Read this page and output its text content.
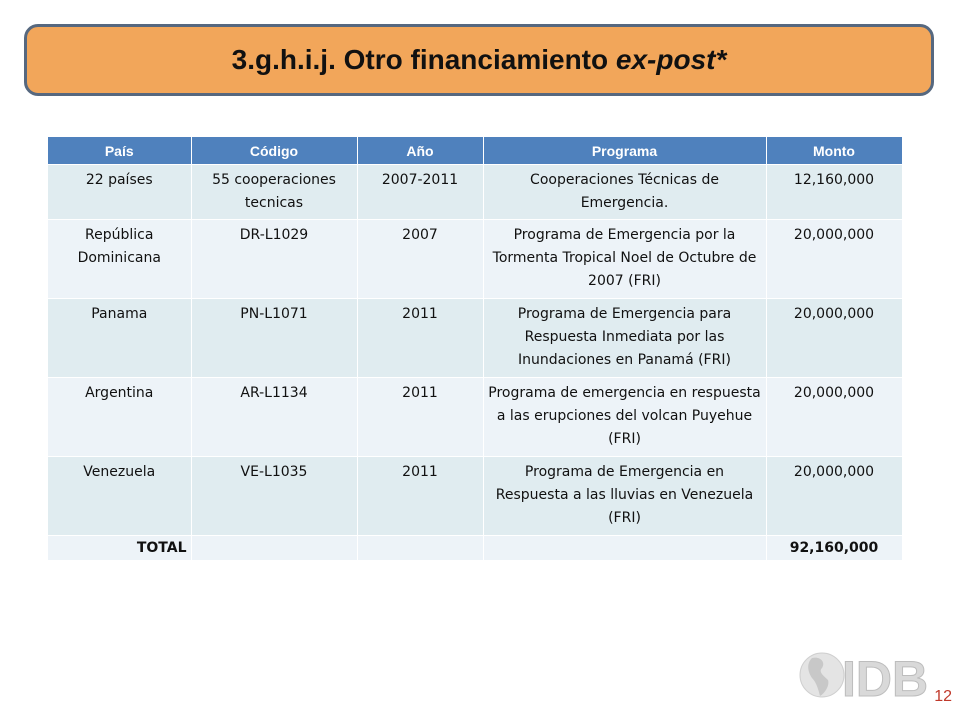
3.g.h.i.j. Otro financiamiento ex-post*
País	Código	Año	Programa	Monto
22 países	55 cooperaciones tecnicas	2007-2011	Cooperaciones Técnicas de Emergencia.	12,160,000
República Dominicana	DR-L1029	2007	Programa de Emergencia por la Tormenta Tropical Noel de Octubre de 2007 (FRI)	20,000,000
Panama	PN-L1071	2011	Programa de Emergencia para Respuesta Inmediata por las Inundaciones en Panamá (FRI)	20,000,000
Argentina	AR-L1134	2011	Programa de emergencia en respuesta a las erupciones del volcan Puyehue (FRI)	20,000,000
Venezuela	VE-L1035	2011	Programa de Emergencia en Respuesta a las lluvias en Venezuela (FRI)	20,000,000
TOTAL				92,160,000
IDB 12
